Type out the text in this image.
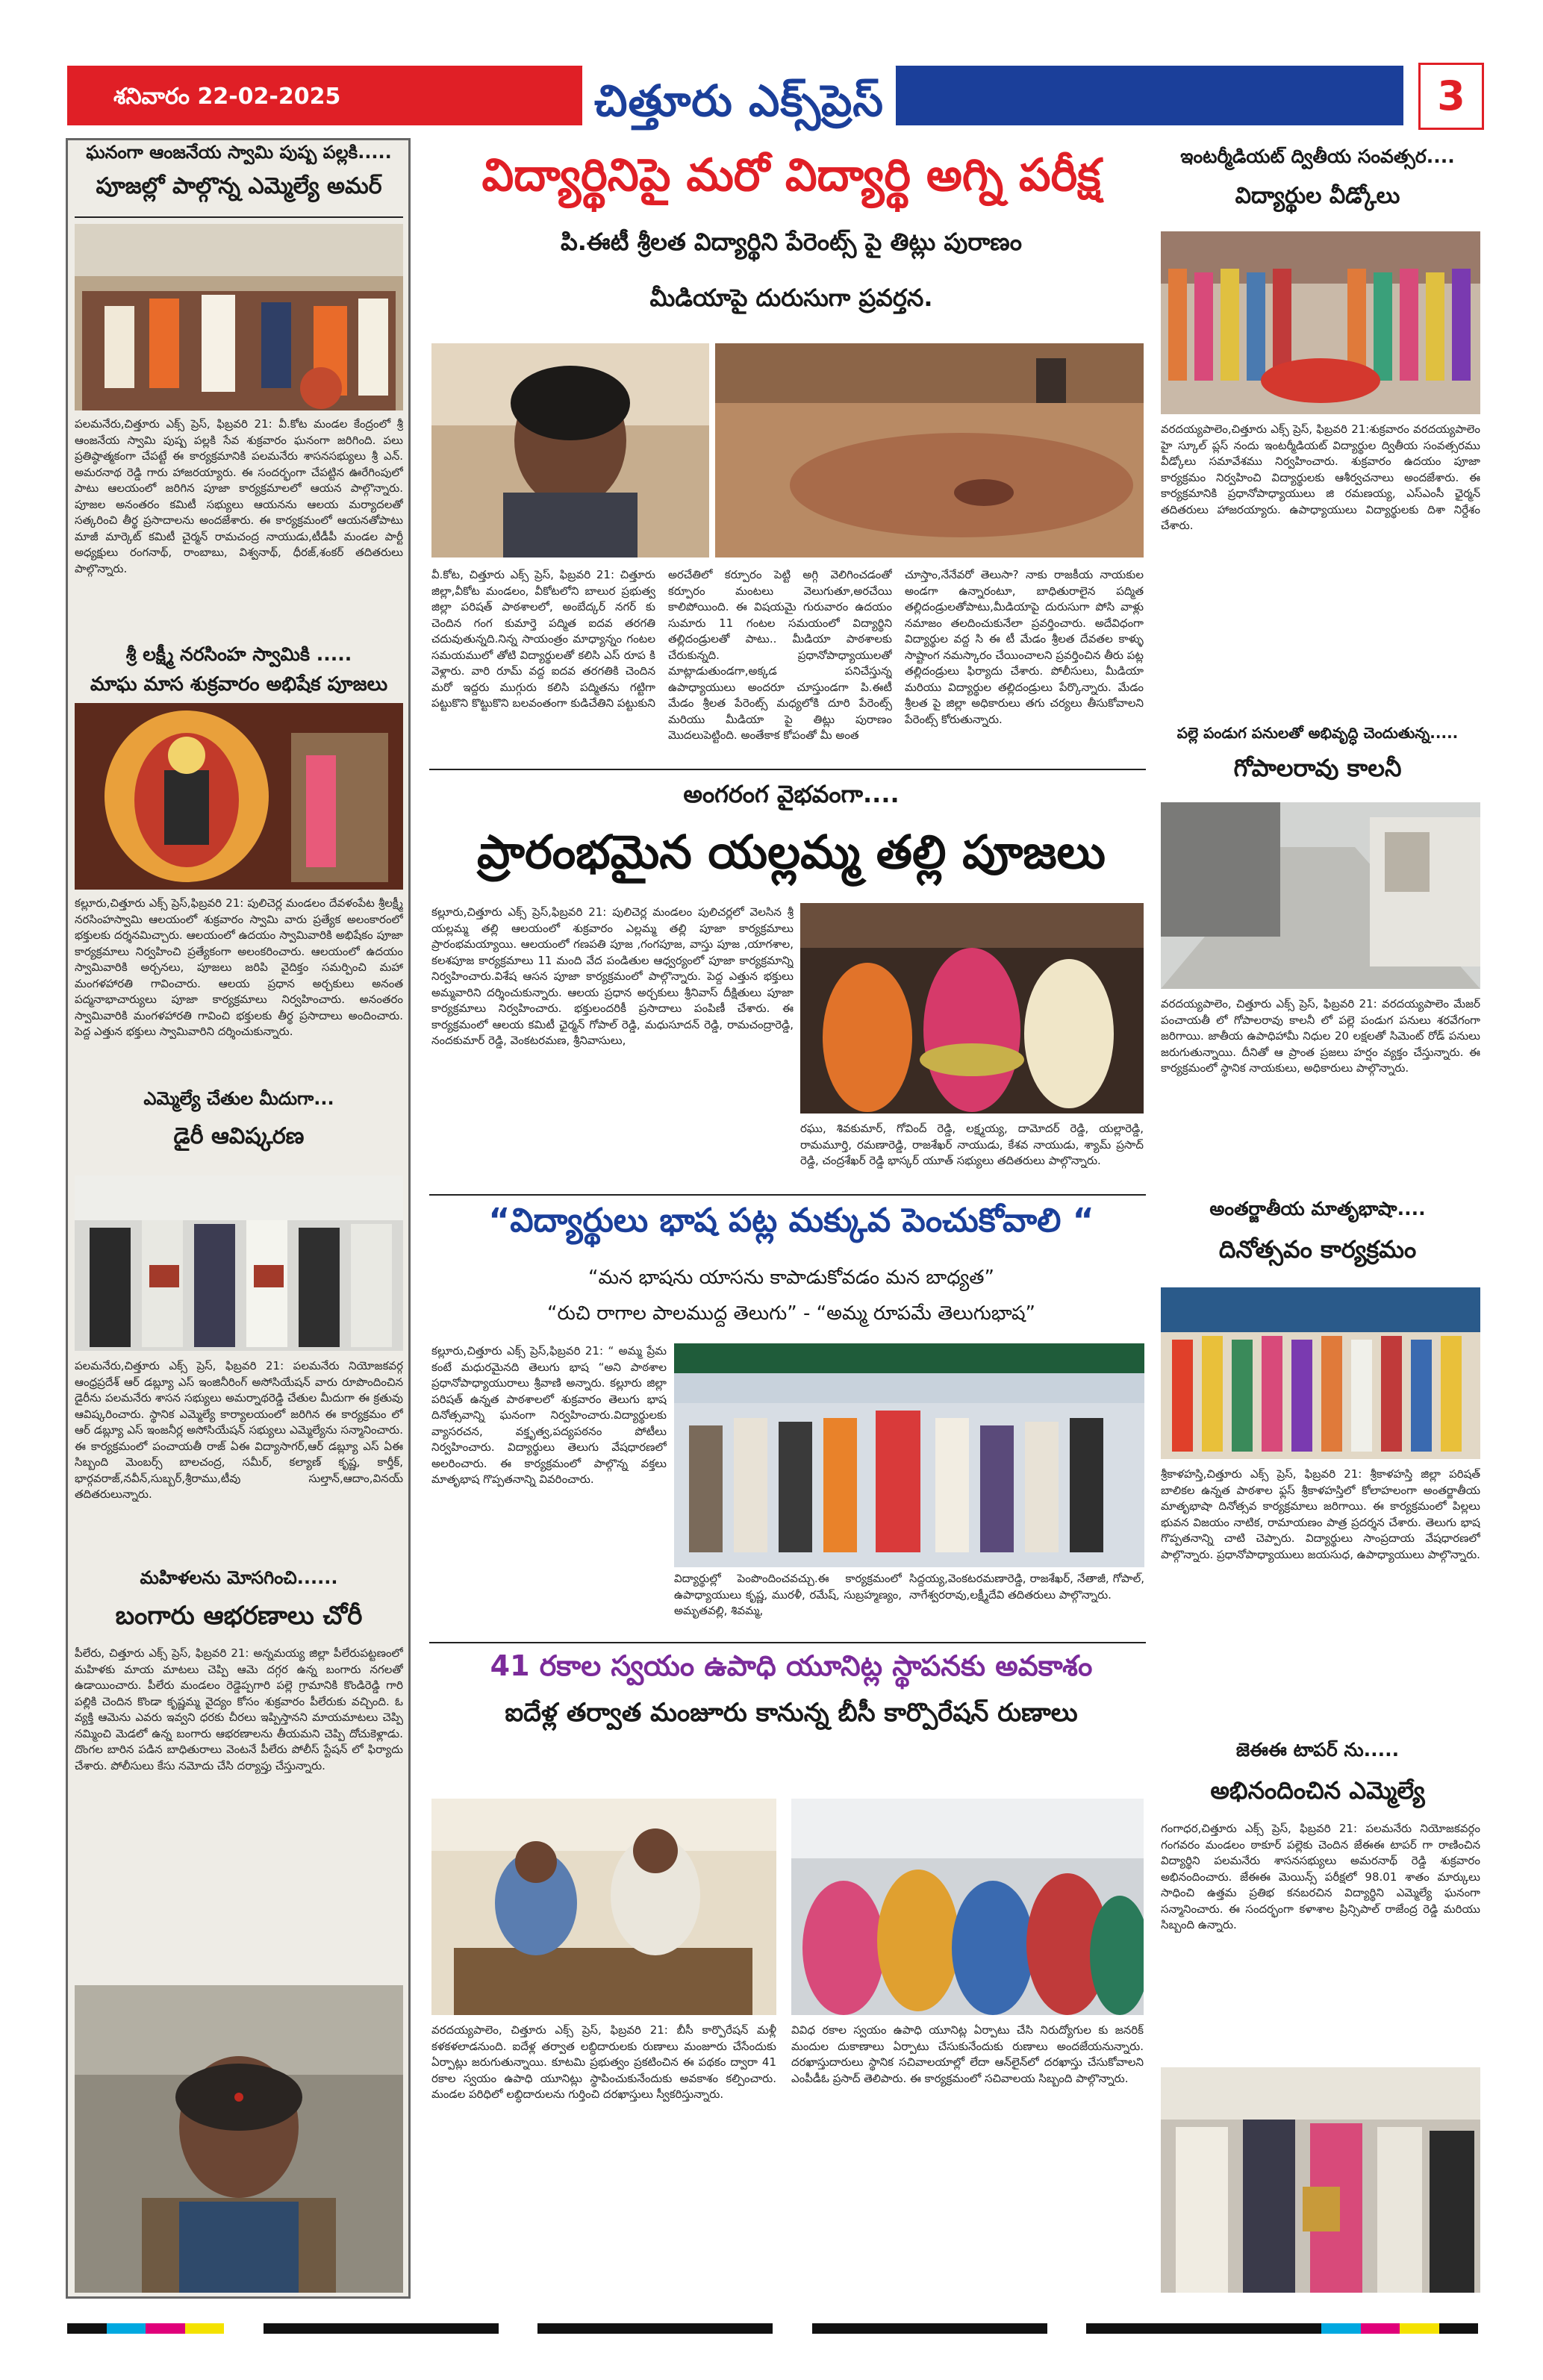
శనివారం 22-02-2025	చిత్తూరు ఎక్స్‌ప్రెస్	3
ఘనంగా ఆంజనేయ స్వామి పుష్ప పల్లకి.....
పూజల్లో పాల్గొన్న ఎమ్మెల్యే అమర్
పలమనేరు,చిత్తూరు ఎక్స్ ప్రెస్, ఫిబ్రవరి 21: వీ.కోట మండల కేంద్రంలో శ్రీ ఆంజనేయ స్వామి పుష్ప పల్లకి సేవ శుక్రవారం ఘనంగా జరిగింది. పలు ప్రతిష్ఠాత్మకంగా చేపట్టే ఈ కార్యక్రమానికి పలమనేరు శాసనసభ్యులు శ్రీ ఎన్. అమరనాథ రెడ్డి గారు హాజరయ్యారు. ఈ సందర్భంగా చేపట్టిన ఊరేగింపులో పాటు ఆలయంలో జరిగిన పూజా కార్యక్రమాలలో ఆయన పాల్గొన్నారు. పూజల అనంతరం కమిటీ సభ్యులు ఆయనను ఆలయ మర్యాదలతో సత్కరించి తీర్థ ప్రసాదాలను అందజేశారు. ఈ కార్యక్రమంలో ఆయనతోపాటు మాజీ మార్కెట్ కమిటీ చైర్మన్ రామచంద్ర నాయుడు,టీడీపీ మండల పార్టీ అధ్యక్షులు రంగనాథ్, రాంబాబు, విశ్వనాథ్, ధీరజ్,శంకర్ తదితరులు పాల్గొన్నారు.
శ్రీ లక్ష్మీ నరసింహ స్వామికి .....
మాఘ మాస శుక్రవారం అభిషేక పూజలు
కల్లూరు,చిత్తూరు ఎక్స్ ప్రెస్,ఫిబ్రవరి 21: పులిచెర్ల మండలం దేవళంపేట శ్రీలక్ష్మీ నరసింహస్వామి ఆలయంలో శుక్రవారం స్వామి వారు ప్రత్యేక అలంకారంలో భక్తులకు దర్శనమిచ్చారు. ఆలయంలో ఉదయం స్వామివారికి అభిషేకం పూజా కార్యక్రమాలు నిర్వహించి ప్రత్యేకంగా అలంకరించారు. ఆలయంలో ఉదయం స్వామివారికి అర్చనలు, పూజలు జరిపి వైదిక్తం సమర్పించి మహా మంగళహారతి గావించారు. ఆలయ ప్రధాన అర్చకులు అనంత పద్మనాభాచార్యులు పూజా కార్యక్రమాలు నిర్వహించారు. అనంతరం స్వామివారికి మంగళహారతి గావించి భక్తులకు తీర్థ ప్రసాదాలు అందించారు. పెద్ద ఎత్తున భక్తులు స్వామివారిని దర్శించుకున్నారు.
ఎమ్మెల్యే చేతుల మీదుగా...
డైరీ ఆవిష్కరణ
పలమనేరు,చిత్తూరు ఎక్స్ ప్రెస్, ఫిబ్రవరి 21: పలమనేరు నియోజకవర్గ ఆంధ్రప్రదేశ్ ఆర్ డబ్ల్యూ ఎస్ ఇంజినీరింగ్ అసోసియేషన్ వారు రూపొందించిన డైరీను పలమనేరు శాసన సభ్యులు అమర్నాథరెడ్డి చేతుల మీదుగా ఈ క్రతువు ఆవిష్కరించారు. స్థానిక ఎమ్మెల్యే కార్యాలయంలో జరిగిన ఈ కార్యక్రమం లో ఆర్ డబ్ల్యూ ఎస్ ఇంజనీర్ల అసోసియేషన్ సభ్యులు ఎమ్మెల్యేను సన్మానించారు. ఈ కార్యక్రమంలో పంచాయతీ రాజ్ ఏఈ విద్యాసాగర్,ఆర్ డబ్ల్యూ ఎస్ ఏఈ సిబ్బంది మెంబర్స్ బాలచంద్ర, సమీర్, కల్యాణ్ కృష్ణ, కార్తీక్, భార్గవరాజ్,నవీన్,సుబ్బర్,శ్రీరాము,టీవు సుల్తాన్,ఆదాం,వినయ్ తదితరులున్నారు.
మహిళలను మోసగించి......
బంగారు ఆభరణాలు చోరీ
పీలేరు, చిత్తూరు ఎక్స్ ప్రెస్, ఫిబ్రవరి 21: అన్నమయ్య జిల్లా పీలేరుపట్టణంలో మహిళకు మాయ మాటలు చెప్పి ఆమె దగ్గర ఉన్న బంగారు నగలతో ఉడాయించారు. పీలేరు మండలం రెడ్డెప్పగారి పల్లె గ్రామానికి కొండిరెడ్డి గారి పల్లికి చెందిన కొండా కృష్ణమ్మ వైద్యం కోసం శుక్రవారం పీలేరుకు వచ్చింది. ఓ వ్యక్తి ఆమెను ఎవరు ఇవ్వని ధరకు చీరలు ఇప్పిస్తానని మాయమాటలు చెప్పి నమ్మించి మెడలో ఉన్న బంగారు ఆభరణాలను తీయమని చెప్పి దోచుకెళ్లాడు. దొంగల బారిన పడిన బాధితురాలు వెంటనే పీలేరు పోలీస్ స్టేషన్ లో ఫిర్యాదు చేశారు. పోలీసులు కేసు నమోదు చేసి దర్యాప్తు చేస్తున్నారు.
విద్యార్థినిపై మరో విద్యార్థి అగ్ని పరీక్ష
పి.ఈటీ శ్రీలత విద్యార్థిని పేరెంట్స్ పై తిట్లు పురాణం
మీడియాపై దురుసుగా ప్రవర్తన.
వీ.కోట, చిత్తూరు ఎక్స్ ప్రెస్, ఫిబ్రవరి 21: చిత్తూరు జిల్లా,వీకోట మండలం, వీకోటలోని బాలుర ప్రభుత్వ జిల్లా పరిషత్ పాఠశాలలో, అంబేద్కర్ నగర్ కు చెందిన గంగ కుమార్తె పద్మిత ఐదవ తరగతి చదువుతున్నది.నిన్న సాయంత్రం మాధ్యాన్నం గంటల సమయములో తోటి విద్యార్థులతో కలిసి ఎస్ రూప కి వెళ్లారు. వారి రూమ్ వద్ద ఐదవ తరగతికి చెందిన మరో ఇద్దరు ముగ్గురు కలిసి పద్మితను గట్టిగా పట్టుకొని కొట్టుకొని బలవంతంగా కుడిచేతిని పట్టుకుని
అరచేతిలో కర్పూరం పెట్టి అగ్గి వెలిగించడంతో కర్పూరం మంటలు వెలుగుతూ,అరచేయి కాలిపోయింది. ఈ విషయమై గురువారం ఉదయం సుమారు 11 గంటల సమయంలో విద్యార్థిని తల్లిదండ్రులతో పాటు.. మీడియా పాఠశాలకు చేరుకున్నది. ప్రధానోపాధ్యాయులతో మాట్లాడుతుండగా,అక్కడ పనిచేస్తున్న ఉపాధ్యాయులు అందరూ చూస్తుండగా పి.ఈటీ మేడం శ్రీలత పేరెంట్స్ మధ్యలోకి దూరి పేరెంట్స్ మరియు మీడియా పై తిట్లు పురాణం మొదలుపెట్టింది. అంతేకాక కోపంతో మీ అంత
చూస్తాం,నేనేవరో తెలుసా? నాకు రాజకీయ నాయకుల అండగా ఉన్నారంటూ, బాధితురాలైన పద్మిత తల్లిదండ్రులతోపాటు,మీడియాపై దురుసుగా పోసి వాళ్లు నమాజం తలదించుకునేలా ప్రవర్తించారు. అదేవిధంగా విద్యార్థుల వద్ద సి ఈ టీ మేడం శ్రీలత దేవతల కాళ్ళు సాష్టాంగ నమస్కారం చేయించాలని ప్రవర్తించిన తీరు పట్ల తల్లిదండ్రులు ఫిర్యాదు చేశారు. పోలీసులు, మీడియా మరియు విద్యార్థుల తల్లిదండ్రులు పేర్కొన్నారు. మేడం శ్రీలత పై జిల్లా అధికారులు తగు చర్యలు తీసుకోవాలని పేరెంట్స్ కోరుతున్నారు.
అంగరంగ వైభవంగా....
ప్రారంభమైన యల్లమ్మ తల్లి పూజలు
కల్లూరు,చిత్తూరు ఎక్స్ ప్రెస్,ఫిబ్రవరి 21: పులిచెర్ల మండలం పులిచర్లలో వెలసిన శ్రీ యల్లమ్మ తల్లి ఆలయంలో శుక్రవారం ఎల్లమ్మ తల్లి పూజా కార్యక్రమాలు ప్రారంభమయ్యాయి. ఆలయంలో గణపతి పూజ ,గంగపూజ, వాస్తు పూజ ,యాగశాల, కలశపూజ కార్యక్రమాలు 11 మంది వేద పండితుల ఆధ్వర్యంలో పూజా కార్యక్రమాన్ని నిర్వహించారు.విశేష ఆసన పూజా కార్యక్రమంలో పాల్గొన్నారు. పెద్ద ఎత్తున భక్తులు అమ్మవారిని దర్శించుకున్నారు. ఆలయ ప్రధాన అర్చకులు శ్రీనివాస్ దీక్షితులు పూజా కార్యక్రమాలు నిర్వహించారు. భక్తులందరికీ ప్రసాదాలు పంపిణీ చేశారు. ఈ కార్యక్రమంలో ఆలయ కమిటీ ఛైర్మన్ గోపాల్ రెడ్డి, మధుసూదన్ రెడ్డి, రామచంద్రారెడ్డి, నందకుమార్ రెడ్డి, వెంకటరమణ, శ్రీనివాసులు,
రఘు, శివకుమార్, గోవింద్ రెడ్డి, లక్ష్మయ్య, దామోదర్ రెడ్డి, యల్లారెడ్డి, రామమూర్తి, రమణారెడ్డి, రాజశేఖర్ నాయుడు, కేశవ నాయుడు, శ్యామ్ ప్రసాద్ రెడ్డి, చంద్రశేఖర్ రెడ్డి భాస్కర్ యూత్ సభ్యులు తదితరులు పాల్గొన్నారు.
“విద్యార్థులు భాష పట్ల మక్కువ పెంచుకోవాలి “
“మన భాషను యాసను కాపాడుకోవడం మన బాధ్యత”
“రుచి రాగాల పాలముద్ద తెలుగు” - “అమ్మ రూపమే తెలుగుభాష”
కల్లూరు,చిత్తూరు ఎక్స్ ప్రెస్,ఫిబ్రవరి 21: “ అమ్మ ప్రేమ కంటే మధురమైనది తెలుగు భాష “అని పాఠశాల ప్రధానోపాధ్యాయురాలు శ్రీవాణి అన్నారు. కల్లూరు జిల్లా పరిషత్ ఉన్నత పాఠశాలలో శుక్రవారం తెలుగు భాష దినోత్సవాన్ని ఘనంగా నిర్వహించారు.విద్యార్థులకు వ్యాసరచన, వక్తృత్వ,పద్యపఠనం పోటీలు నిర్వహించారు. విద్యార్థులు తెలుగు వేషధారణలో అలరించారు. ఈ కార్యక్రమంలో పాల్గొన్న వక్తలు మాతృభాష గొప్పతనాన్ని వివరించారు.
విద్యార్థుల్లో పెంపొందించవచ్చు.ఈ కార్యక్రమంలో ఉపాధ్యాయులు కృష్ణ, మురళీ, రమేష్, సుబ్రహ్మణ్యం, అమృతవల్లి, శివమ్మ,
సిద్దయ్య,వెంకటరమణారెడ్డి, రాజశేఖర్, నేతాజీ, గోపాల్, నాగేశ్వరరావు,లక్ష్మీదేవి తదితరులు పాల్గొన్నారు.
41 రకాల స్వయం ఉపాధి యూనిట్ల స్థాపనకు అవకాశం
ఐదేళ్ల తర్వాత మంజూరు కానున్న బీసీ కార్పొరేషన్ రుణాలు
వరదయ్యపాలెం, చిత్తూరు ఎక్స్ ప్రెస్, ఫిబ్రవరి 21: బీసీ కార్పొరేషన్ మళ్లీ కళకళలాడనుంది. ఐదేళ్ల తర్వాత లబ్ధిదారులకు రుణాలు మంజూరు చేసేందుకు ఏర్పాట్లు జరుగుతున్నాయి. కూటమి ప్రభుత్వం ప్రకటించిన ఈ పథకం ద్వారా 41 రకాల స్వయం ఉపాధి యూనిట్లు స్థాపించుకునేందుకు అవకాశం కల్పించారు. మండల పరిధిలో లబ్ధిదారులను గుర్తించి దరఖాస్తులు స్వీకరిస్తున్నారు.
వివిధ రకాల స్వయం ఉపాధి యూనిట్ల ఏర్పాటు చేసి నిరుద్యోగుల కు జనరిక్ మందుల దుకాణాలు ఏర్పాటు చేసుకునేందుకు రుణాలు అందజేయనున్నారు. దరఖాస్తుదారులు స్థానిక సచివాలయాల్లో లేదా ఆన్‌లైన్‌లో దరఖాస్తు చేసుకోవాలని ఎంపీడీఓ ప్రసాద్ తెలిపారు. ఈ కార్యక్రమంలో సచివాలయ సిబ్బంది పాల్గొన్నారు.
ఇంటర్మీడియట్ ద్వితీయ సంవత్సర....
విద్యార్థుల వీడ్కోలు
వరదయ్యపాలెం,చిత్తూరు ఎక్స్ ప్రెస్, ఫిబ్రవరి 21:శుక్రవారం వరదయ్యపాలెం హై స్కూల్ ప్లస్ నందు ఇంటర్మీడియట్ విద్యార్థుల ద్వితీయ సంవత్సరము వీడ్కోలు సమావేశము నిర్వహించారు. శుక్రవారం ఉదయం పూజా కార్యక్రమం నిర్వహించి విద్యార్థులకు ఆశీర్వచనాలు అందజేశారు. ఈ కార్యక్రమానికి ప్రధానోపాధ్యాయులు జి రమణయ్య, ఎస్ఎంసీ ఛైర్మన్ తదితరులు హాజరయ్యారు. ఉపాధ్యాయులు విద్యార్థులకు దిశా నిర్దేశం చేశారు.
పల్లె పండుగ పనులతో అభివృద్ధి చెందుతున్న.....
గోపాలరావు కాలనీ
వరదయ్యపాలెం, చిత్తూరు ఎక్స్ ప్రెస్, ఫిబ్రవరి 21: వరదయ్యపాలెం మేజర్ పంచాయతీ లో గోపాలరావు కాలనీ లో పల్లె పండుగ పనులు శరవేగంగా జరిగాయి. జాతీయ ఉపాధిహామీ నిధుల 20 లక్షలతో సిమెంట్ రోడ్ పనులు జరుగుతున్నాయి. దీనితో ఆ ప్రాంత ప్రజలు హర్షం వ్యక్తం చేస్తున్నారు. ఈ కార్యక్రమంలో స్థానిక నాయకులు, అధికారులు పాల్గొన్నారు.
అంతర్జాతీయ మాతృభాషా....
దినోత్సవం కార్యక్రమం
శ్రీకాళహస్తి,చిత్తూరు ఎక్స్ ప్రెస్, ఫిబ్రవరి 21: శ్రీకాళహస్తి జిల్లా పరిషత్ బాలికల ఉన్నత పాఠశాల ఫ్లస్ శ్రీకాళహస్తిలో కోలాహలంగా అంతర్జాతీయ మాతృభాషా దినోత్సవ కార్యక్రమాలు జరిగాయి. ఈ కార్యక్రమంలో పిల్లలు భువన విజయం నాటిక, రామాయణం పాత్ర ప్రదర్శన చేశారు. తెలుగు భాష గొప్పతనాన్ని చాటి చెప్పారు. విద్యార్థులు సాంప్రదాయ వేషధారణలో పాల్గొన్నారు. ప్రధానోపాధ్యాయులు జయసుధ, ఉపాధ్యాయులు పాల్గొన్నారు.
జెఈఈ టాపర్ ను.....
అభినందించిన ఎమ్మెల్యే
గంగాధర,చిత్తూరు ఎక్స్ ప్రెస్, ఫిబ్రవరి 21: పలమనేరు నియోజకవర్గం గంగవరం మండలం ఠాకూర్ పల్లెకు చెందిన జేఈఈ టాపర్ గా రాణించిన విద్యార్థిని పలమనేరు శాసనసభ్యులు అమరనాథ్ రెడ్డి శుక్రవారం అభినందించారు. జేఈఈ మెయిన్స్ పరీక్షలో 98.01 శాతం మార్కులు సాధించి ఉత్తమ ప్రతిభ కనబరచిన విద్యార్థిని ఎమ్మెల్యే ఘనంగా సన్మానించారు. ఈ సందర్భంగా కళాశాల ప్రిన్సిపాల్ రాజేంద్ర రెడ్డి మరియు సిబ్బంది ఉన్నారు.
